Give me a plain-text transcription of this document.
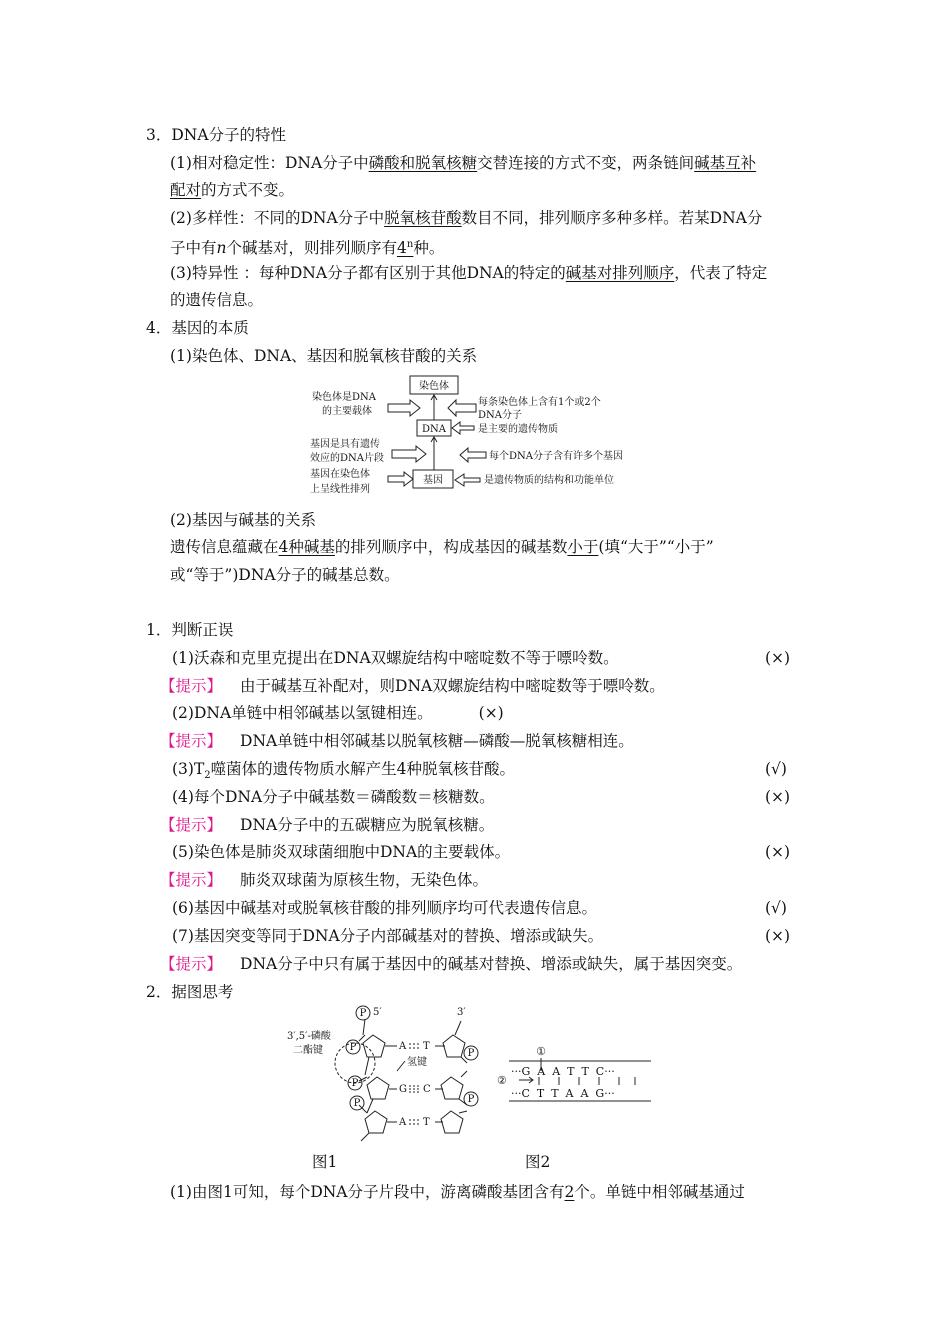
3．DNA分子的特性
(1)相对稳定性：DNA分子中磷酸和脱氧核糖交替连接的方式不变，两条链间碱基互补
配对的方式不变。
(2)多样性：不同的DNA分子中脱氧核苷酸数目不同，排列顺序多种多样。若某DNA分
子中有n个碱基对，则排列顺序有4$^n$种。
(3)特异性 ：每种DNA分子都有区别于其他DNA的特定的碱基对排列顺序，代表了特定
的遗传信息。
4．基因的本质
(1)染色体、DNA、基因和脱氧核苷酸的关系
染色体
DNA
基因
染色体是DNA
的主要载体
每条染色体上含有1个或2个
DNA分子
是主要的遗传物质
基因是具有遗传
效应的DNA片段	每个DNA分子含有许多个基因
基因在染色体
上呈线性排列
是遗传物质的结构和功能单位
(2)基因与碱基的关系
遗传信息蕴藏在4种碱基的排列顺序中，构成基因的碱基数小于(填“大于”“小于”
或“等于”)DNA分子的碱基总数。
1．判断正误
(1)沃森和克里克提出在DNA双螺旋结构中嘧啶数不等于嘌呤数。	(×)
【提示】 由于碱基互补配对，则DNA双螺旋结构中嘧啶数等于嘌呤数。
(2)DNA单链中相邻碱基以氢键相连。	(×)
【提示】 DNA单链中相邻碱基以脱氧核糖—磷酸—脱氧核糖相连。
$(3)T_2$噬菌体的遗传物质水解产生4种脱氧核苷酸。	(√)
(4)每个DNA分子中碱基数＝磷酸数＝核糖数。	(×)
【提示】 DNA分子中的五碳糖应为脱氧核糖。
(5)染色体是肺炎双球菌细胞中DNA的主要载体。	(×)
【提示】 肺炎双球菌为原核生物，无染色体。
(6)基因中碱基对或脱氧核苷酸的排列顺序均可代表遗传信息。	(√)
(7)基因突变等同于DNA分子内部碱基对的替换、增添或缺失。	(×)
【提示】 DNA分子中只有属于基因中的碱基对替换、增添或缺失，属于基因突变。
2．据图思考
P
P
P
P
P
P
5′	3′
3′,5′-磷酸
二酯键
氢键
A T
G C
A T
①
②
···G  A  A  T  T  C···
···C  T  T  A  A  G···
图1	图2
(1)由图1可知，每个DNA分子片段中，游离磷酸基团含有2个。单链中相邻碱基通过
